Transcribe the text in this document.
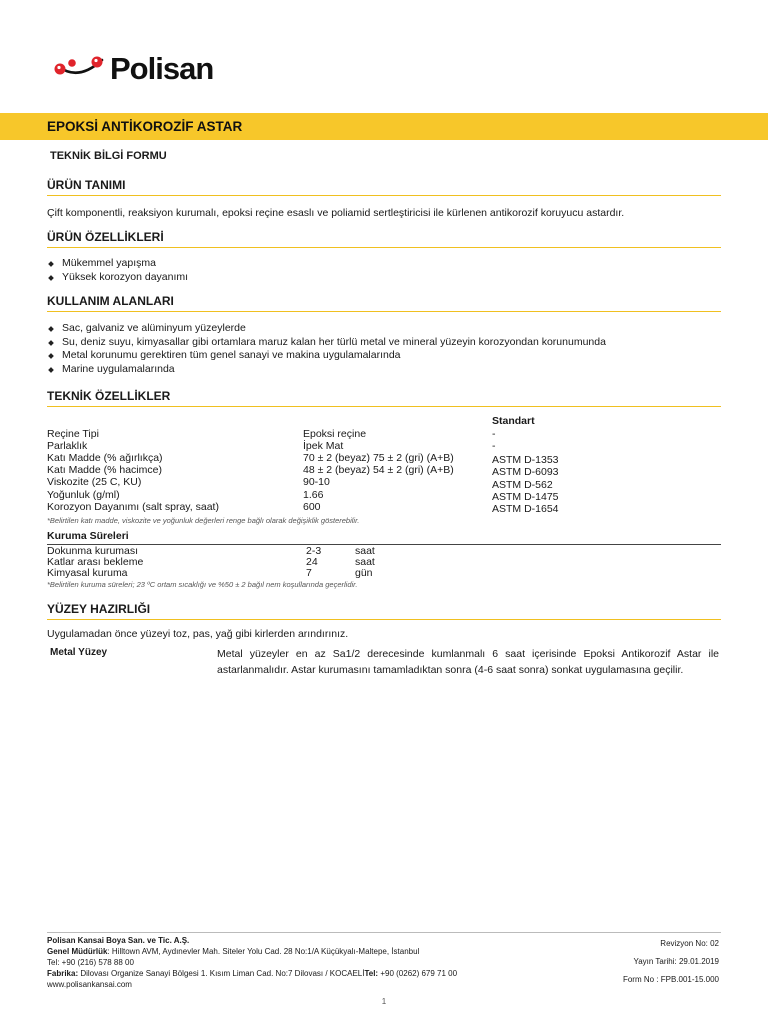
Polisan
EPOKSİ ANTİKOROZİF ASTAR
TEKNİK BİLGİ FORMU
ÜRÜN TANIMI
Çift komponentli, reaksiyon kurumalı, epoksi reçine esaslı ve poliamid sertleştiricisi ile kürlenen antikorozif koruyucu astardır.
ÜRÜN ÖZELLİKLERİ
Mükemmel yapışma
Yüksek korozyon dayanımı
KULLANIM ALANLARI
Sac, galvaniz ve alüminyum yüzeylerde
Su, deniz suyu, kimyasallar gibi ortamlara maruz kalan her türlü metal ve mineral yüzeyin korozyondan korunumunda
Metal korunumu gerektiren tüm genel sanayi ve makina uygulamalarında
Marine uygulamalarında
TEKNİK ÖZELLİKLER
Standart
Reçine Tipi	Epoksi reçine	-
Parlaklık	İpek Mat	-
Katı Madde (% ağırlıkça)	70 ± 2 (beyaz) 75 ± 2 (gri) (A+B)	ASTM D-1353
Katı Madde (% hacimce)	48 ± 2 (beyaz) 54 ± 2 (gri) (A+B)	ASTM D-6093
Viskozite (25 C, KU)	90-10	ASTM D-562
Yoğunluk (g/ml)	1.66	ASTM D-1475
Korozyon Dayanımı (salt spray, saat)	600	ASTM D-1654
*Belirtilen katı madde, viskozite ve yoğunluk değerleri renge bağlı olarak değişiklik gösterebilir.
Kuruma Süreleri
Dokunma kuruması	2-3	saat
Katlar arası bekleme	24	saat
Kimyasal kuruma	7	gün
*Belirtilen kuruma süreleri; 23 ºC ortam sıcaklığı ve %50 ± 2 bağıl nem koşullarında geçerlidir.
YÜZEY HAZIRLIĞI
Uygulamadan önce yüzeyi toz, pas, yağ gibi kirlerden arındırınız.
Metal Yüzey	Metal yüzeyler en az Sa1/2 derecesinde kumlanmalı 6 saat içerisinde Epoksi Antikorozif Astar ile astarlanmalıdır. Astar kurumasını tamamladıktan sonra (4-6 saat sonra) sonkat uygulamasına geçilir.
Polisan Kansai Boya San. ve Tic. A.Ş.
Genel Müdürlük: Hilltown AVM, Aydınevler Mah. Siteler Yolu Cad. 28 No:1/A Küçükyalı-Maltepe, İstanbul
Tel: +90 (216) 578 88 00
Fabrika: Dilovası Organize Sanayi Bölgesi 1. Kısım Liman Cad. No:7 Dilovası / KOCAELİTel: +90 (0262) 679 71 00
www.polisankansai.com
Revizyon No: 02
Yayın Tarihi: 29.01.2019
Form No : FPB.001-15.000
1
